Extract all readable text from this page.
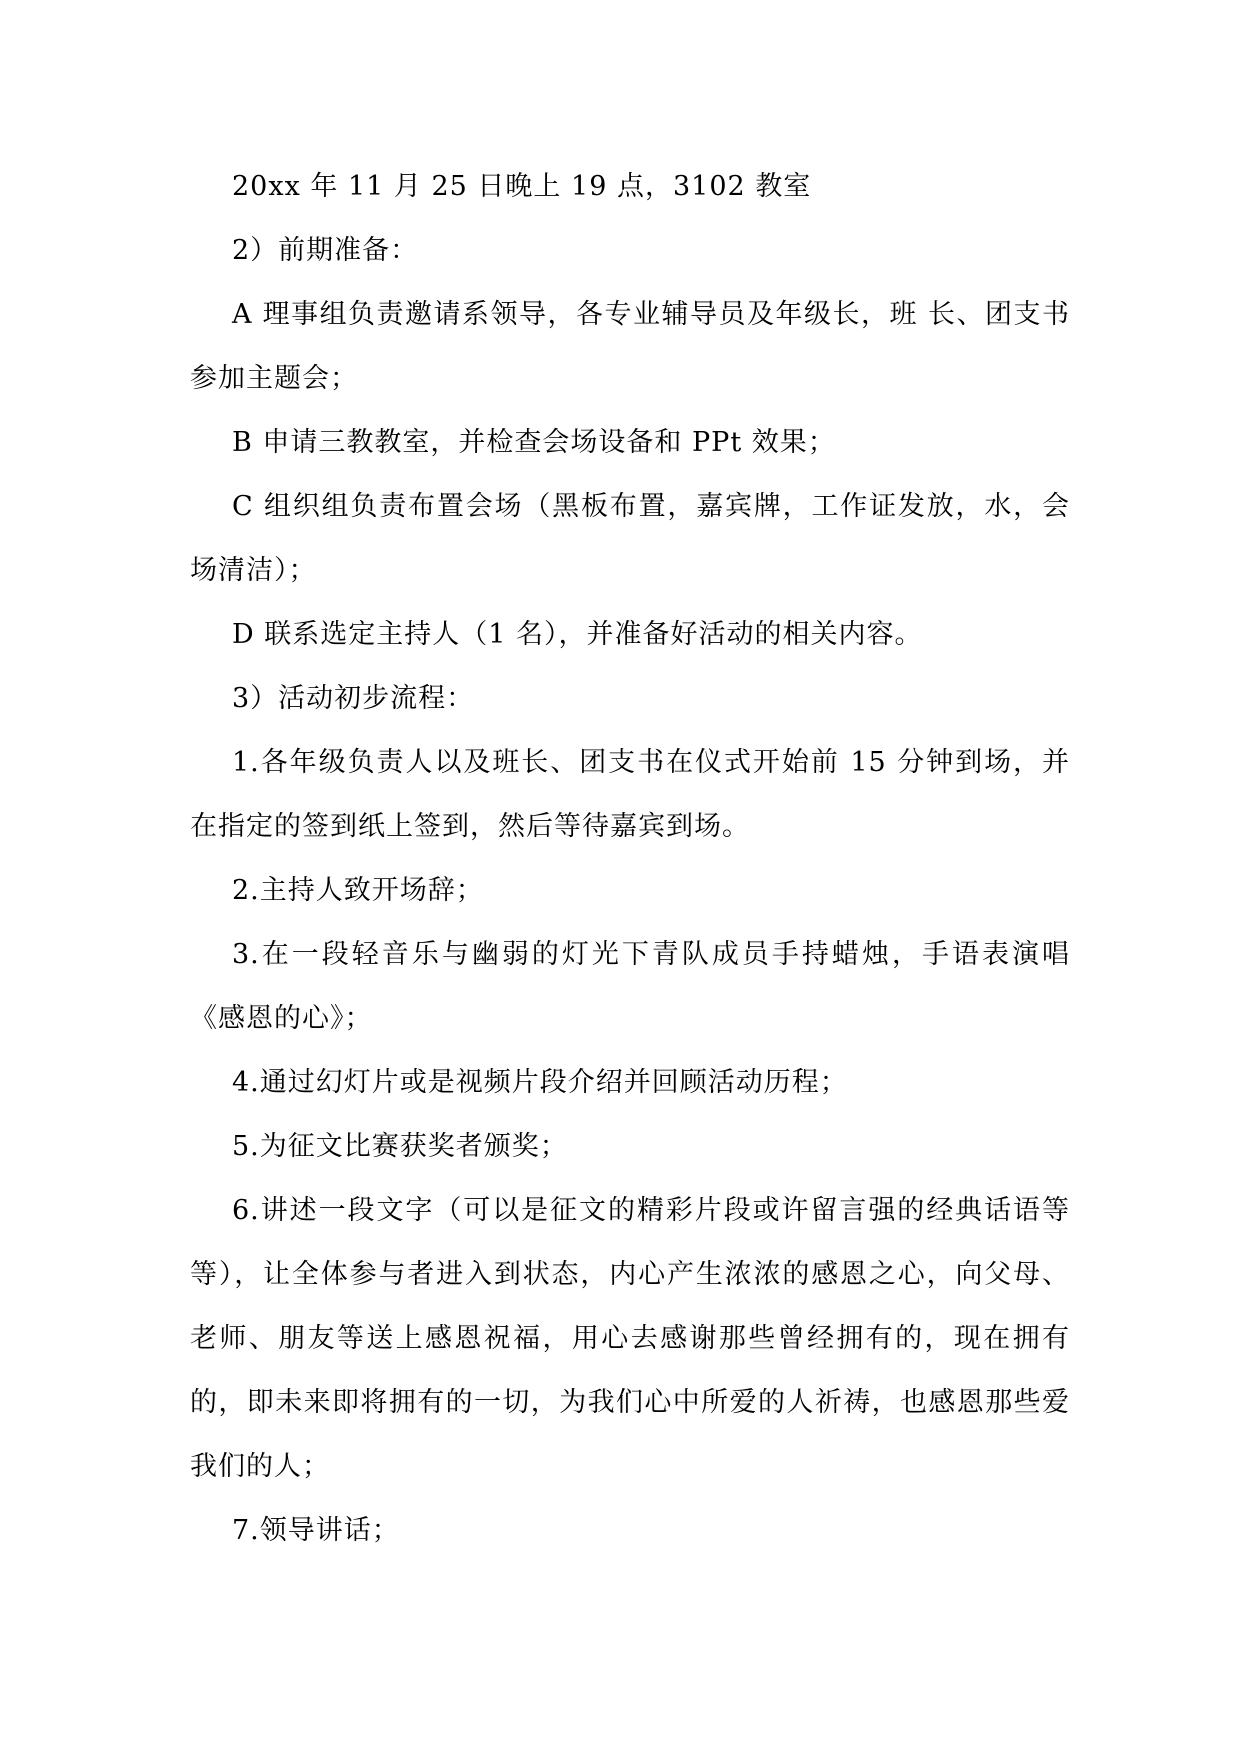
20xx 年 11 月 25 日晚上 19 点，3102 教室

2）前期准备：

A 理事组负责邀请系领导，各专业辅导员及年级长，班 长、团支书参加主题会；

B 申请三教教室，并检查会场设备和 PPt 效果；

C 组织组负责布置会场（黑板布置，嘉宾牌，工作证发放，水，会场清洁）；

D 联系选定主持人（1 名），并准备好活动的相关内容。

3）活动初步流程：

1.各年级负责人以及班长、团支书在仪式开始前 15 分钟到场，并在指定的签到纸上签到，然后等待嘉宾到场。

2.主持人致开场辞；

3.在一段轻音乐与幽弱的灯光下青队成员手持蜡烛，手语表演唱《感恩的心》；

4.通过幻灯片或是视频片段介绍并回顾活动历程；

5.为征文比赛获奖者颁奖；

6.讲述一段文字（可以是征文的精彩片段或许留言强的经典话语等等），让全体参与者进入到状态，内心产生浓浓的感恩之心，向父母、老师、朋友等送上感恩祝福，用心去感谢那些曾经拥有的，现在拥有的，即未来即将拥有的一切，为我们心中所爱的人祈祷，也感恩那些爱我们的人；

7.领导讲话；
